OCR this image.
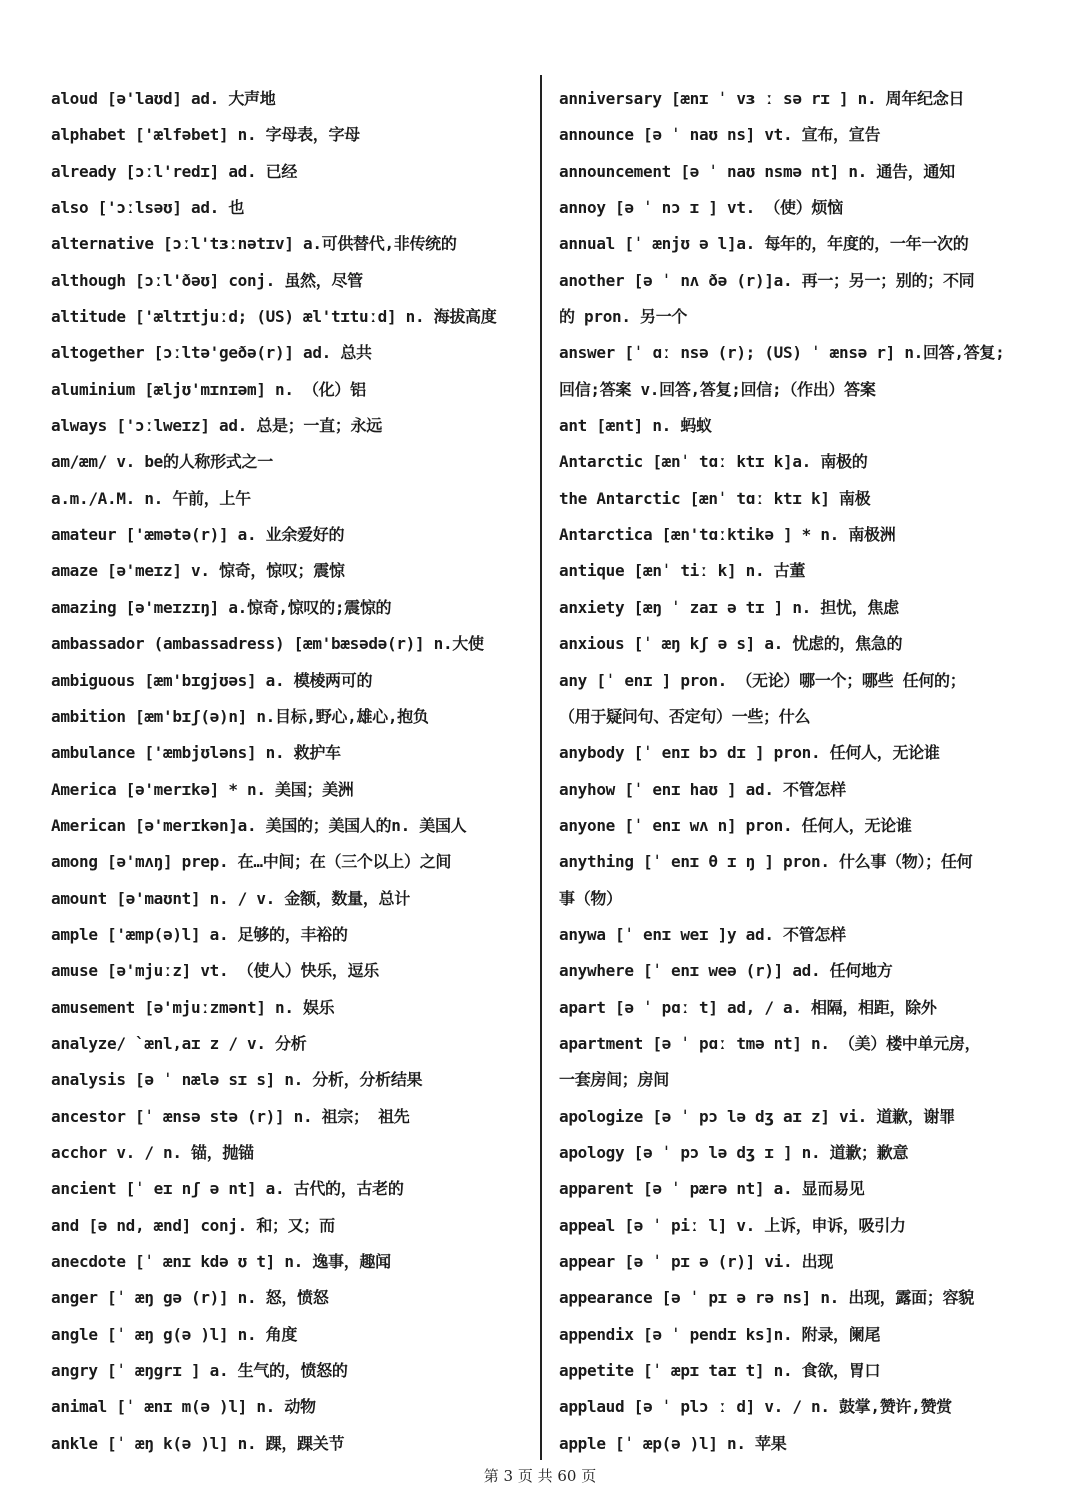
aloud [ə'laʊd] ad. 大声地
alphabet ['ælfəbet] n. 字母表，字母
already [ɔːl'redɪ] ad. 已经
also ['ɔːlsəʊ] ad. 也
alternative [ɔːl'tɜːnətɪv] a.可供替代,非传统的
although [ɔːl'ðəʊ] conj. 虽然，尽管
altitude ['æltɪtjuːd; (US) æl'tɪtuːd] n. 海拔高度
altogether [ɔːltə'geðə(r)] ad. 总共
aluminium [æljʊ'mɪnɪəm] n. （化）铝
always ['ɔːlweɪz] ad. 总是；一直；永远
am/æm/ v. be的人称形式之一
a.m./A.M. n. 午前，上午
amateur ['æmətə(r)] a. 业余爱好的
amaze [ə'meɪz] v. 惊奇，惊叹；震惊
amazing [ə'meɪzɪŋ] a.惊奇,惊叹的;震惊的
ambassador (ambassadress) [æm'bæsədə(r)] n.大使
ambiguous [æm'bɪgjʊəs] a. 模棱两可的
ambition [æm'bɪʃ(ə)n] n.目标,野心,雄心,抱负
ambulance ['æmbjʊləns] n. 救护车
America [ə'merɪkə] * n. 美国；美洲
American [ə'merɪkən]a. 美国的；美国人的n. 美国人
among [ə'mʌŋ] prep. 在…中间；在（三个以上）之间
amount [ə'maʊnt] n. / v. 金额，数量，总计
ample ['æmp(ə)l] a. 足够的，丰裕的
amuse [ə'mjuːz] vt. （使人）快乐，逗乐
amusement [ə'mjuːzmənt] n. 娱乐
analyze/ `ænl,aɪ z / v. 分析
analysis [ə ˈ nælə sɪ s] n. 分析，分析结果
ancestor [ˈ ænsə stə (r)] n. 祖宗； 祖先
acchor v. / n. 锚，抛锚
ancient [ˈ eɪ nʃ ə nt] a. 古代的，古老的
and [ə nd, ænd] conj. 和；又；而
anecdote [ˈ ænɪ kdə ʊ t] n. 逸事，趣闻
anger [ˈ æŋ gə (r)] n. 怒，愤怒
angle [ˈ æŋ g(ə )l] n. 角度
angry [ˈ æŋgrɪ ] a. 生气的，愤怒的
animal [ˈ ænɪ m(ə )l] n. 动物
ankle [ˈ æŋ k(ə )l] n. 踝，踝关节
anniversary [ænɪ ˈ vɜ ː sə rɪ ] n. 周年纪念日
announce [ə ˈ naʊ ns] vt. 宣布，宣告
announcement [ə ˈ naʊ nsmə nt] n. 通告，通知
annoy [ə ˈ nɔ ɪ ] vt. （使）烦恼
annual [ˈ ænjʊ ə l]a. 每年的，年度的，一年一次的
another [ə ˈ nʌ ðə (r)]a. 再一；另一；别的；不同
的 pron. 另一个
answer [ˈ ɑː nsə (r); (US) ˈ ænsə r] n.回答,答复;
回信;答案 v.回答,答复;回信;（作出）答案
ant [ænt] n. 蚂蚁
Antarctic [ænˈ tɑː ktɪ k]a. 南极的
the Antarctic [ænˈ tɑː ktɪ k] 南极
Antarctica [æn'tɑːktikə ] * n. 南极洲
antique [ænˈ tiː k] n. 古董
anxiety [æŋ ˈ zaɪ ə tɪ ] n. 担忧，焦虑
anxious [ˈ æŋ kʃ ə s] a. 忧虑的，焦急的
any [ˈ enɪ ] pron. （无论）哪一个；哪些 任何的；
（用于疑问句、否定句）一些；什么
anybody [ˈ enɪ bɔ dɪ ] pron. 任何人，无论谁
anyhow [ˈ enɪ haʊ ] ad. 不管怎样
anyone [ˈ enɪ wʌ n] pron. 任何人，无论谁
anything [ˈ enɪ θ ɪ ŋ ] pron. 什么事（物）；任何
事（物）
anywa [ˈ enɪ weɪ ]y ad. 不管怎样
anywhere [ˈ enɪ weə (r)] ad. 任何地方
apart [ə ˈ pɑː t] ad, / a. 相隔，相距，除外
apartment [ə ˈ pɑː tmə nt] n. （美）楼中单元房，
一套房间；房间
apologize [ə ˈ pɔ lə dʒ aɪ z] vi. 道歉，谢罪
apology [ə ˈ pɔ lə dʒ ɪ ] n. 道歉；歉意
apparent [ə ˈ pærə nt] a. 显而易见
appeal [ə ˈ piː l] v. 上诉，申诉，吸引力
appear [ə ˈ pɪ ə (r)] vi. 出现
appearance [ə ˈ pɪ ə rə ns] n. 出现，露面；容貌
appendix [ə ˈ pendɪ ks]n. 附录，阑尾
appetite [ˈ æpɪ taɪ t] n. 食欲，胃口
applaud [ə ˈ plɔ ː d] v. / n. 鼓掌,赞许,赞赏
apple [ˈ æp(ə )l] n. 苹果
第 3 页 共 60 页
